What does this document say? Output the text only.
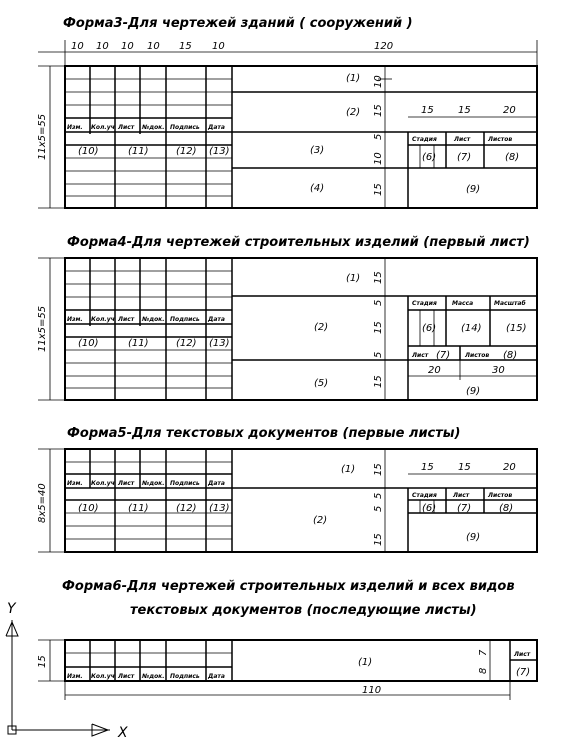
Форма3-Для чертежей зданий ( сооружений )
Форма4-Для чертежей строительных изделий (первый лист)
Форма5-Для текстовых документов (первые листы)
Форма6-Для чертежей строительных изделий и всех видов
текстовых документов (последующие листы)
10 10 10 10 15 10	120
11х5=55
10
15
5
10
15
15 15	20
Изм. Кол.уч Лист №док. Подпись Дата
(10)	(11)	(12) (13)
(1)
(2)
(3)
(4)
Стадия	Лист	Листов
(6) (7)	(8)
(9)
11х5=55
15
5
15
5
15
20	30
Изм. Кол.уч Лист №док. Подпись Дата
(10)	(11)	(12) (13)
(1)
(2)
(5)
Стадия	Масса	Масштаб
(6) (14) (15)
Лист (7) Листов (8)
(9)
8х5=40
15
5
5
15
15 15	20
Изм. Кол.уч Лист №док. Подпись Дата
(10)	(11)	(12) (13)
(1)
(2)
Стадия	Лист	Листов
(6) (7)	(8)
(9)
15
7
8
110
Изм. Кол.уч Лист №док. Подпись Дата
(1)
Лист
(7)
Y
X
